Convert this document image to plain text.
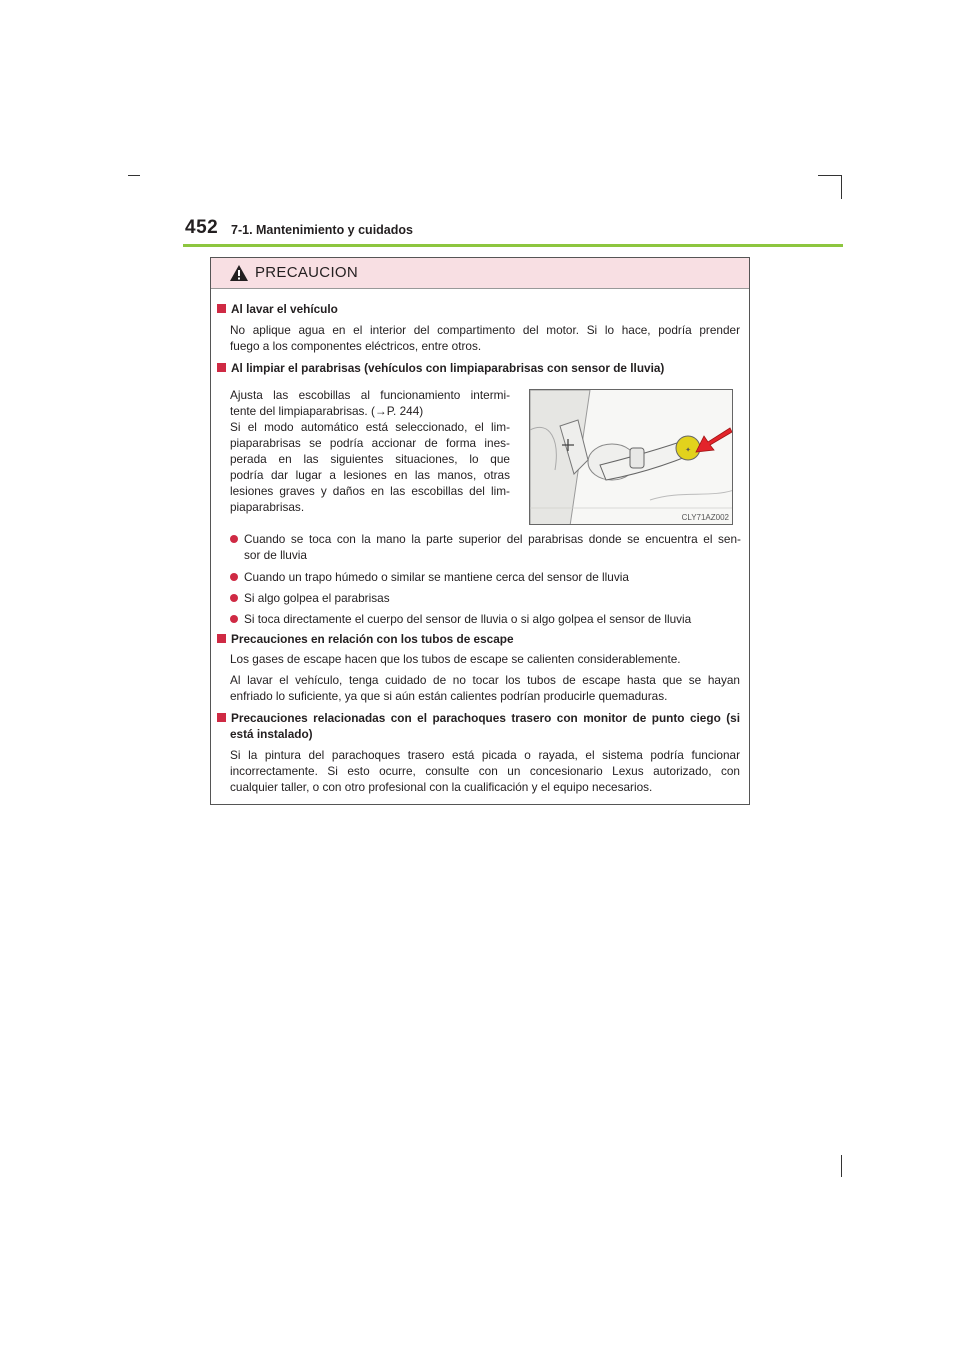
452 7-1. Mantenimiento y cuidados
PRECAUCION
Al lavar el vehículo
No aplique agua en el interior del compartimento del motor. Si lo hace, podría prender
fuego a los componentes eléctricos, entre otros.
Al limpiar el parabrisas (vehículos con limpiaparabrisas con sensor de lluvia)
Ajusta las escobillas al funcionamiento intermi-
tente del limpiaparabrisas. (→P. 244)
Si el modo automático está seleccionado, el lim-
piaparabrisas se podría accionar de forma ines-
perada en las siguientes situaciones, lo que
podría dar lugar a lesiones en las manos, otras
lesiones graves y daños en las escobillas del lim-
piaparabrisas.
✦
CLY71AZ002
Cuando se toca con la mano la parte superior del parabrisas donde se encuentra el sen-
sor de lluvia
Cuando un trapo húmedo o similar se mantiene cerca del sensor de lluvia
Si algo golpea el parabrisas
Si toca directamente el cuerpo del sensor de lluvia o si algo golpea el sensor de lluvia
Precauciones en relación con los tubos de escape
Los gases de escape hacen que los tubos de escape se calienten considerablemente.
Al lavar el vehículo, tenga cuidado de no tocar los tubos de escape hasta que se hayan
enfriado lo suficiente, ya que si aún están calientes podrían producirle quemaduras.
Precauciones relacionadas con el parachoques trasero con monitor de punto ciego (si
está instalado)
Si la pintura del parachoques trasero está picada o rayada, el sistema podría funcionar
incorrectamente. Si esto ocurre, consulte con un concesionario Lexus autorizado, con
cualquier taller, o con otro profesional con la cualificación y el equipo necesarios.
